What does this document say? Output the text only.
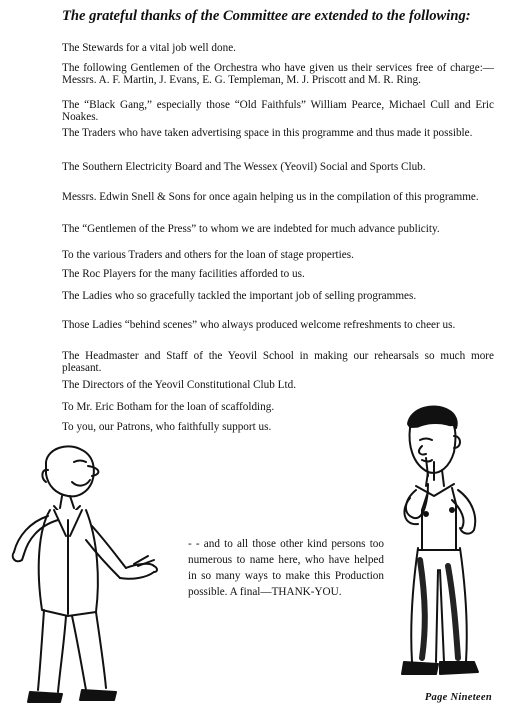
The grateful thanks of the Committee are extended to the following:
The Stewards for a vital job well done.
The following Gentlemen of the Orchestra who have given us their services free of charge:—Messrs. A. F. Martin, J. Evans, E. G. Templeman, M. J. Priscott and M. R. Ring.
The “Black Gang,” especially those “Old Faithfuls” William Pearce, Michael Cull and Eric Noakes.
The Traders who have taken advertising space in this programme and thus made it possible.
The Southern Electricity Board and The Wessex (Yeovil) Social and Sports Club.
Messrs. Edwin Snell & Sons for once again helping us in the compilation of this programme.
The “Gentlemen of the Press” to whom we are indebted for much advance publicity.
To the various Traders and others for the loan of stage properties.
The Roc Players for the many facilities afforded to us.
The Ladies who so gracefully tackled the important job of selling programmes.
Those Ladies “behind scenes” who always produced welcome refreshments to cheer us.
The Headmaster and Staff of the Yeovil School in making our rehearsals so much more pleasant.
The Directors of the Yeovil Constitutional Club Ltd.
To Mr. Eric Botham for the loan of scaffolding.
To you, our Patrons, who faithfully support us.

- - and to all those other kind persons too numerous to name here, who have helped in so many ways to make this Production possible. A final—THANK-YOU.

Page Nineteen
